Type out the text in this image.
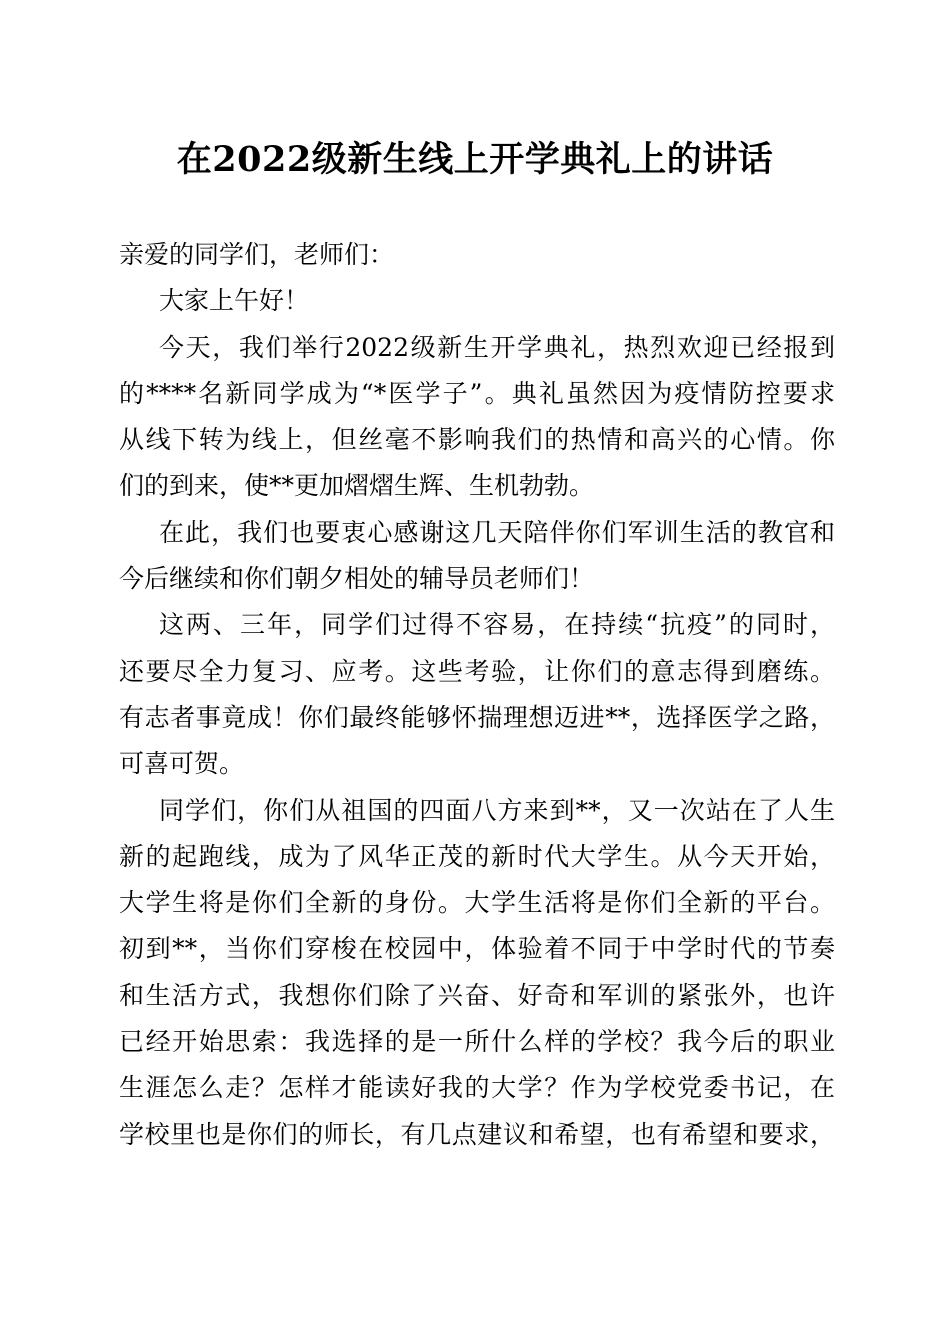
在2022级新生线上开学典礼上的讲话
亲爱的同学们，老师们：
大家上午好！
今天，我们举行2022级新生开学典礼，热烈欢迎已经报到
的****名新同学成为“*医学子”。典礼虽然因为疫情防控要求
从线下转为线上，但丝毫不影响我们的热情和高兴的心情。你
们的到来，使**更加熠熠生辉、生机勃勃。
在此，我们也要衷心感谢这几天陪伴你们军训生活的教官和
今后继续和你们朝夕相处的辅导员老师们！
这两、三年，同学们过得不容易，在持续“抗疫”的同时，
还要尽全力复习、应考。这些考验，让你们的意志得到磨练。
有志者事竟成！你们最终能够怀揣理想迈进**，选择医学之路，
可喜可贺。
同学们，你们从祖国的四面八方来到**，又一次站在了人生
新的起跑线，成为了风华正茂的新时代大学生。从今天开始，
大学生将是你们全新的身份。大学生活将是你们全新的平台。
初到**，当你们穿梭在校园中，体验着不同于中学时代的节奏
和生活方式，我想你们除了兴奋、好奇和军训的紧张外，也许
已经开始思索：我选择的是一所什么样的学校？我今后的职业
生涯怎么走？怎样才能读好我的大学？作为学校党委书记，在
学校里也是你们的师长，有几点建议和希望，也有希望和要求，
